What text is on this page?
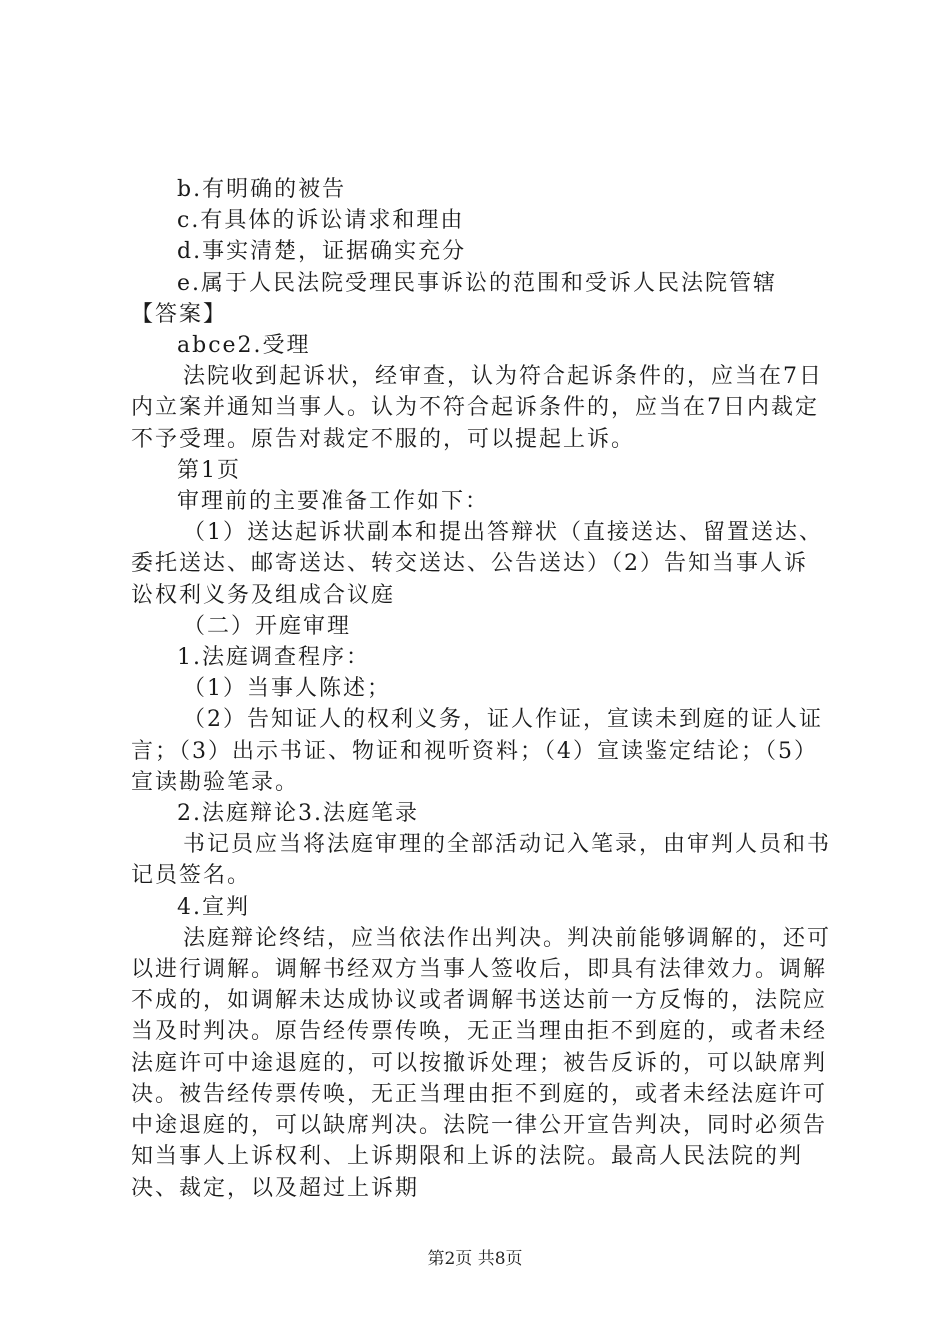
b.有明确的被告

c.有具体的诉讼请求和理由

d.事实清楚，证据确实充分

e.属于人民法院受理民事诉讼的范围和受诉人民法院管辖

【答案】

abce2.受理

法院收到起诉状，经审查，认为符合起诉条件的，应当在7日内立案并通知当事人。认为不符合起诉条件的，应当在7日内裁定不予受理。原告对裁定不服的，可以提起上诉。

第1页

审理前的主要准备工作如下：

（1）送达起诉状副本和提出答辩状（直接送达、留置送达、委托送达、邮寄送达、转交送达、公告送达）（2）告知当事人诉讼权利义务及组成合议庭

（二）开庭审理

1.法庭调查程序：

（1）当事人陈述；

（2）告知证人的权利义务，证人作证，宣读未到庭的证人证言；（3）出示书证、物证和视听资料；（4）宣读鉴定结论；（5）宣读勘验笔录。

2.法庭辩论3.法庭笔录

书记员应当将法庭审理的全部活动记入笔录，由审判人员和书记员签名。

4.宣判

法庭辩论终结，应当依法作出判决。判决前能够调解的，还可以进行调解。调解书经双方当事人签收后，即具有法律效力。调解不成的，如调解未达成协议或者调解书送达前一方反悔的，法院应当及时判决。原告经传票传唤，无正当理由拒不到庭的，或者未经法庭许可中途退庭的，可以按撤诉处理；被告反诉的，可以缺席判决。被告经传票传唤，无正当理由拒不到庭的，或者未经法庭许可中途退庭的，可以缺席判决。法院一律公开宣告判决，同时必须告知当事人上诉权利、上诉期限和上诉的法院。最高人民法院的判决、裁定，以及超过上诉期

第2页 共8页
